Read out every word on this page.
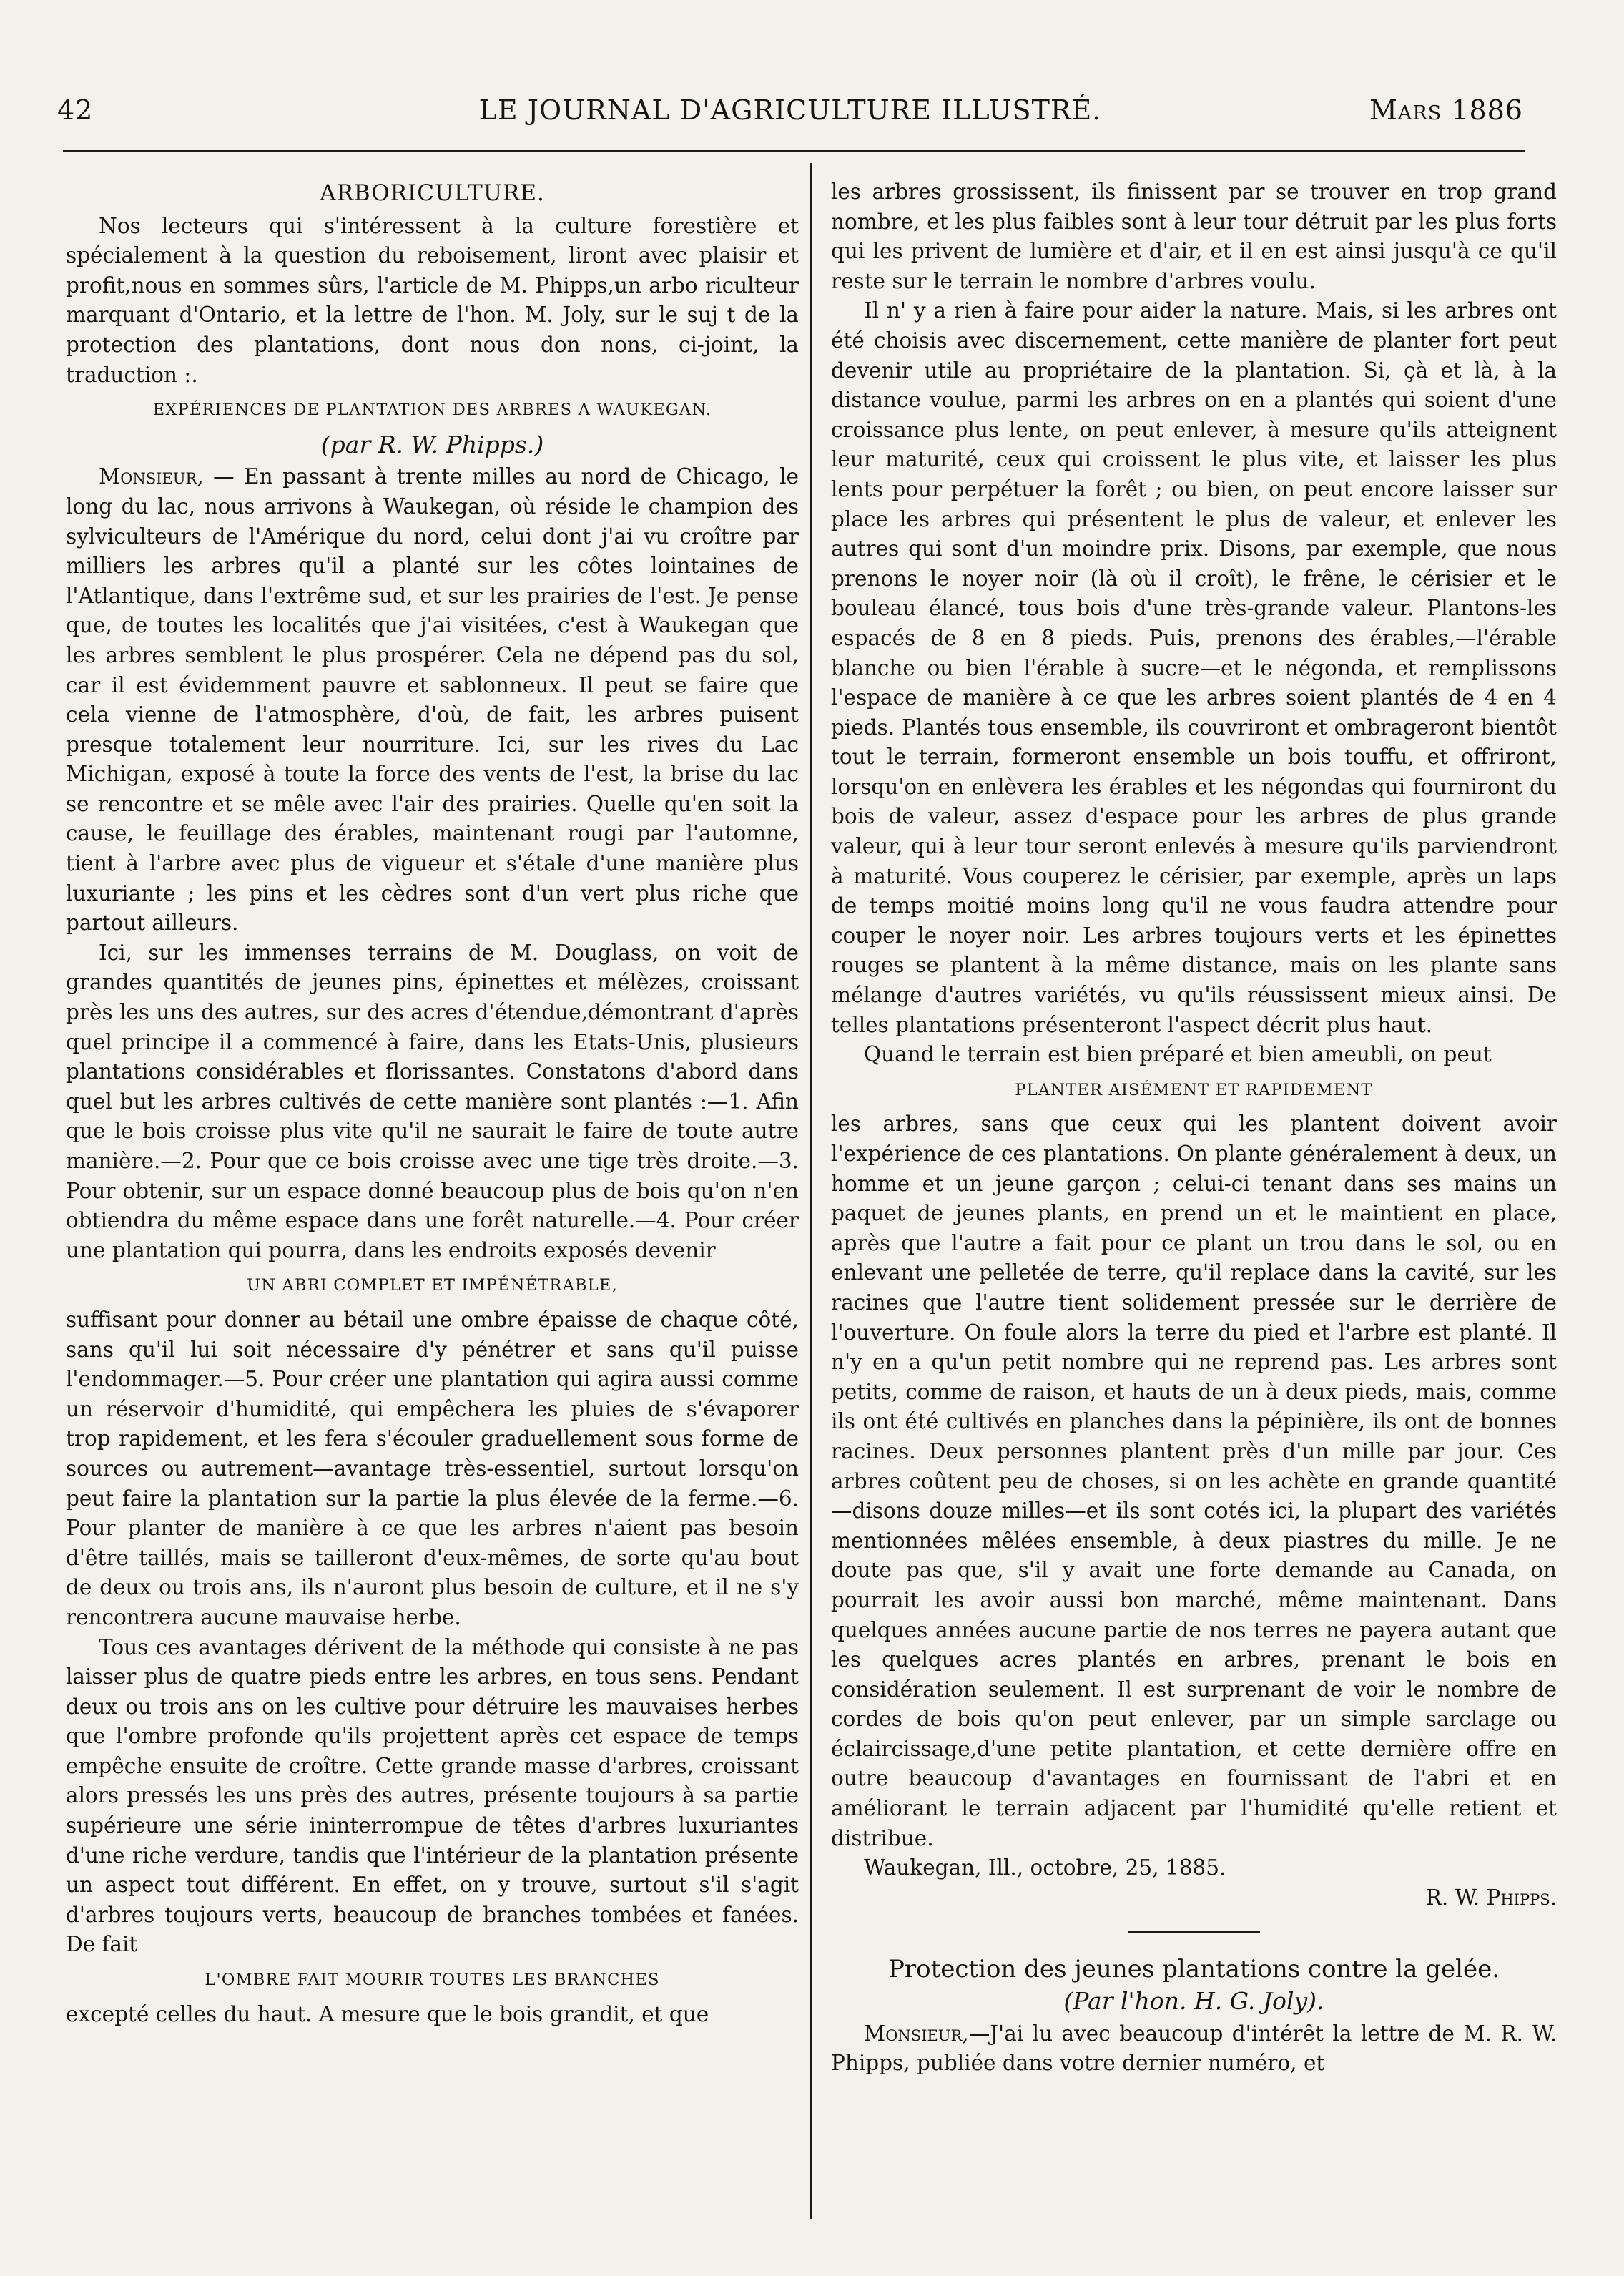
42	LE JOURNAL D'AGRICULTURE ILLUSTRÉ.	Mars 1886
ARBORICULTURE.

Nos lecteurs qui s'intéressent à la culture forestière et spécialement à la question du reboisement, liront avec plaisir et profit,nous en sommes sûrs, l'article de M. Phipps,un arbo riculteur marquant d'Ontario, et la lettre de l'hon. M. Joly, sur le suj t de la protection des plantations, dont nous don nons, ci-joint, la traduction :.

EXPÉRIENCES DE PLANTATION DES ARBRES A WAUKEGAN.
(par R. W. Phipps.)

Monsieur, — En passant à trente milles au nord de Chicago, le long du lac, nous arrivons à Waukegan, où réside le champion des sylviculteurs de l'Amérique du nord, celui dont j'ai vu croître par milliers les arbres qu'il a planté sur les côtes lointaines de l'Atlantique, dans l'extrême sud, et sur les prairies de l'est. Je pense que, de toutes les localités que j'ai visitées, c'est à Waukegan que les arbres semblent le plus prospérer. Cela ne dépend pas du sol, car il est évidemment pauvre et sablonneux. Il peut se faire que cela vienne de l'atmosphère, d'où, de fait, les arbres puisent presque totalement leur nourriture. Ici, sur les rives du Lac Michigan, exposé à toute la force des vents de l'est, la brise du lac se rencontre et se mêle avec l'air des prairies. Quelle qu'en soit la cause, le feuillage des érables, maintenant rougi par l'automne, tient à l'arbre avec plus de vigueur et s'étale d'une manière plus luxuriante ; les pins et les cèdres sont d'un vert plus riche que partout ailleurs.

Ici, sur les immenses terrains de M. Douglass, on voit de grandes quantités de jeunes pins, épinettes et mélèzes, croissant près les uns des autres, sur des acres d'étendue,démontrant d'après quel principe il a commencé à faire, dans les Etats-Unis, plusieurs plantations considérables et florissantes. Constatons d'abord dans quel but les arbres cultivés de cette manière sont plantés :—1. Afin que le bois croisse plus vite qu'il ne saurait le faire de toute autre manière.—2. Pour que ce bois croisse avec une tige très droite.—3. Pour obtenir, sur un espace donné beaucoup plus de bois qu'on n'en obtiendra du même espace dans une forêt naturelle.—4. Pour créer une plantation qui pourra, dans les endroits exposés devenir

UN ABRI COMPLET ET IMPÉNÉTRABLE,

suffisant pour donner au bétail une ombre épaisse de chaque côté, sans qu'il lui soit nécessaire d'y pénétrer et sans qu'il puisse l'endommager.—5. Pour créer une plantation qui agira aussi comme un réservoir d'humidité, qui empêchera les pluies de s'évaporer trop rapidement, et les fera s'écouler graduellement sous forme de sources ou autrement—avantage très-essentiel, surtout lorsqu'on peut faire la plantation sur la partie la plus élevée de la ferme.—6. Pour planter de manière à ce que les arbres n'aient pas besoin d'être taillés, mais se tailleront d'eux-mêmes, de sorte qu'au bout de deux ou trois ans, ils n'auront plus besoin de culture, et il ne s'y rencontrera aucune mauvaise herbe.

Tous ces avantages dérivent de la méthode qui consiste à ne pas laisser plus de quatre pieds entre les arbres, en tous sens. Pendant deux ou trois ans on les cultive pour détruire les mauvaises herbes que l'ombre profonde qu'ils projettent après cet espace de temps empêche ensuite de croître. Cette grande masse d'arbres, croissant alors pressés les uns près des autres, présente toujours à sa partie supérieure une série ininterrompue de têtes d'arbres luxuriantes d'une riche verdure, tandis que l'intérieur de la plantation présente un aspect tout différent. En effet, on y trouve, surtout s'il s'agit d'arbres toujours verts, beaucoup de branches tombées et fanées. De fait

L'OMBRE FAIT MOURIR TOUTES LES BRANCHES

excepté celles du haut. A mesure que le bois grandit, et que

les arbres grossissent, ils finissent par se trouver en trop grand nombre, et les plus faibles sont à leur tour détruit par les plus forts qui les privent de lumière et d'air, et il en est ainsi jusqu'à ce qu'il reste sur le terrain le nombre d'arbres voulu.

Il n' y a rien à faire pour aider la nature. Mais, si les arbres ont été choisis avec discernement, cette manière de planter fort peut devenir utile au propriétaire de la plantation. Si, çà et là, à la distance voulue, parmi les arbres on en a plantés qui soient d'une croissance plus lente, on peut enlever, à mesure qu'ils atteignent leur maturité, ceux qui croissent le plus vite, et laisser les plus lents pour perpétuer la forêt ; ou bien, on peut encore laisser sur place les arbres qui présentent le plus de valeur, et enlever les autres qui sont d'un moindre prix. Disons, par exemple, que nous prenons le noyer noir (là où il croît), le frêne, le cérisier et le bouleau élancé, tous bois d'une très-grande valeur. Plantons-les espacés de 8 en 8 pieds. Puis, prenons des érables,—l'érable blanche ou bien l'érable à sucre—et le négonda, et remplissons l'espace de manière à ce que les arbres soient plantés de 4 en 4 pieds. Plantés tous ensemble, ils couvriront et ombrageront bientôt tout le terrain, formeront ensemble un bois touffu, et offriront, lorsqu'on en enlèvera les érables et les négondas qui fourniront du bois de valeur, assez d'espace pour les arbres de plus grande valeur, qui à leur tour seront enlevés à mesure qu'ils parviendront à maturité. Vous couperez le cérisier, par exemple, après un laps de temps moitié moins long qu'il ne vous faudra attendre pour couper le noyer noir. Les arbres toujours verts et les épinettes rouges se plantent à la même distance, mais on les plante sans mélange d'autres variétés, vu qu'ils réussissent mieux ainsi. De telles plantations présenteront l'aspect décrit plus haut.

Quand le terrain est bien préparé et bien ameubli, on peut

PLANTER AISÉMENT ET RAPIDEMENT

les arbres, sans que ceux qui les plantent doivent avoir l'expérience de ces plantations. On plante généralement à deux, un homme et un jeune garçon ; celui-ci tenant dans ses mains un paquet de jeunes plants, en prend un et le maintient en place, après que l'autre a fait pour ce plant un trou dans le sol, ou en enlevant une pelletée de terre, qu'il replace dans la cavité, sur les racines que l'autre tient solidement pressée sur le derrière de l'ouverture. On foule alors la terre du pied et l'arbre est planté. Il n'y en a qu'un petit nombre qui ne reprend pas. Les arbres sont petits, comme de raison, et hauts de un à deux pieds, mais, comme ils ont été cultivés en planches dans la pépinière, ils ont de bonnes racines. Deux personnes plantent près d'un mille par jour. Ces arbres coûtent peu de choses, si on les achète en grande quantité—disons douze milles—et ils sont cotés ici, la plupart des variétés mentionnées mêlées ensemble, à deux piastres du mille. Je ne doute pas que, s'il y avait une forte demande au Canada, on pourrait les avoir aussi bon marché, même maintenant. Dans quelques années aucune partie de nos terres ne payera autant que les quelques acres plantés en arbres, prenant le bois en considération seulement. Il est surprenant de voir le nombre de cordes de bois qu'on peut enlever, par un simple sarclage ou éclaircissage,d'une petite plantation, et cette dernière offre en outre beaucoup d'avantages en fournissant de l'abri et en améliorant le terrain adjacent par l'humidité qu'elle retient et distribue.

Waukegan, Ill., octobre, 25, 1885.

R. W. Phipps.

Protection des jeunes plantations contre la gelée.
(Par l'hon. H. G. Joly).

Monsieur,—J'ai lu avec beaucoup d'intérêt la lettre de M. R. W. Phipps, publiée dans votre dernier numéro, et
